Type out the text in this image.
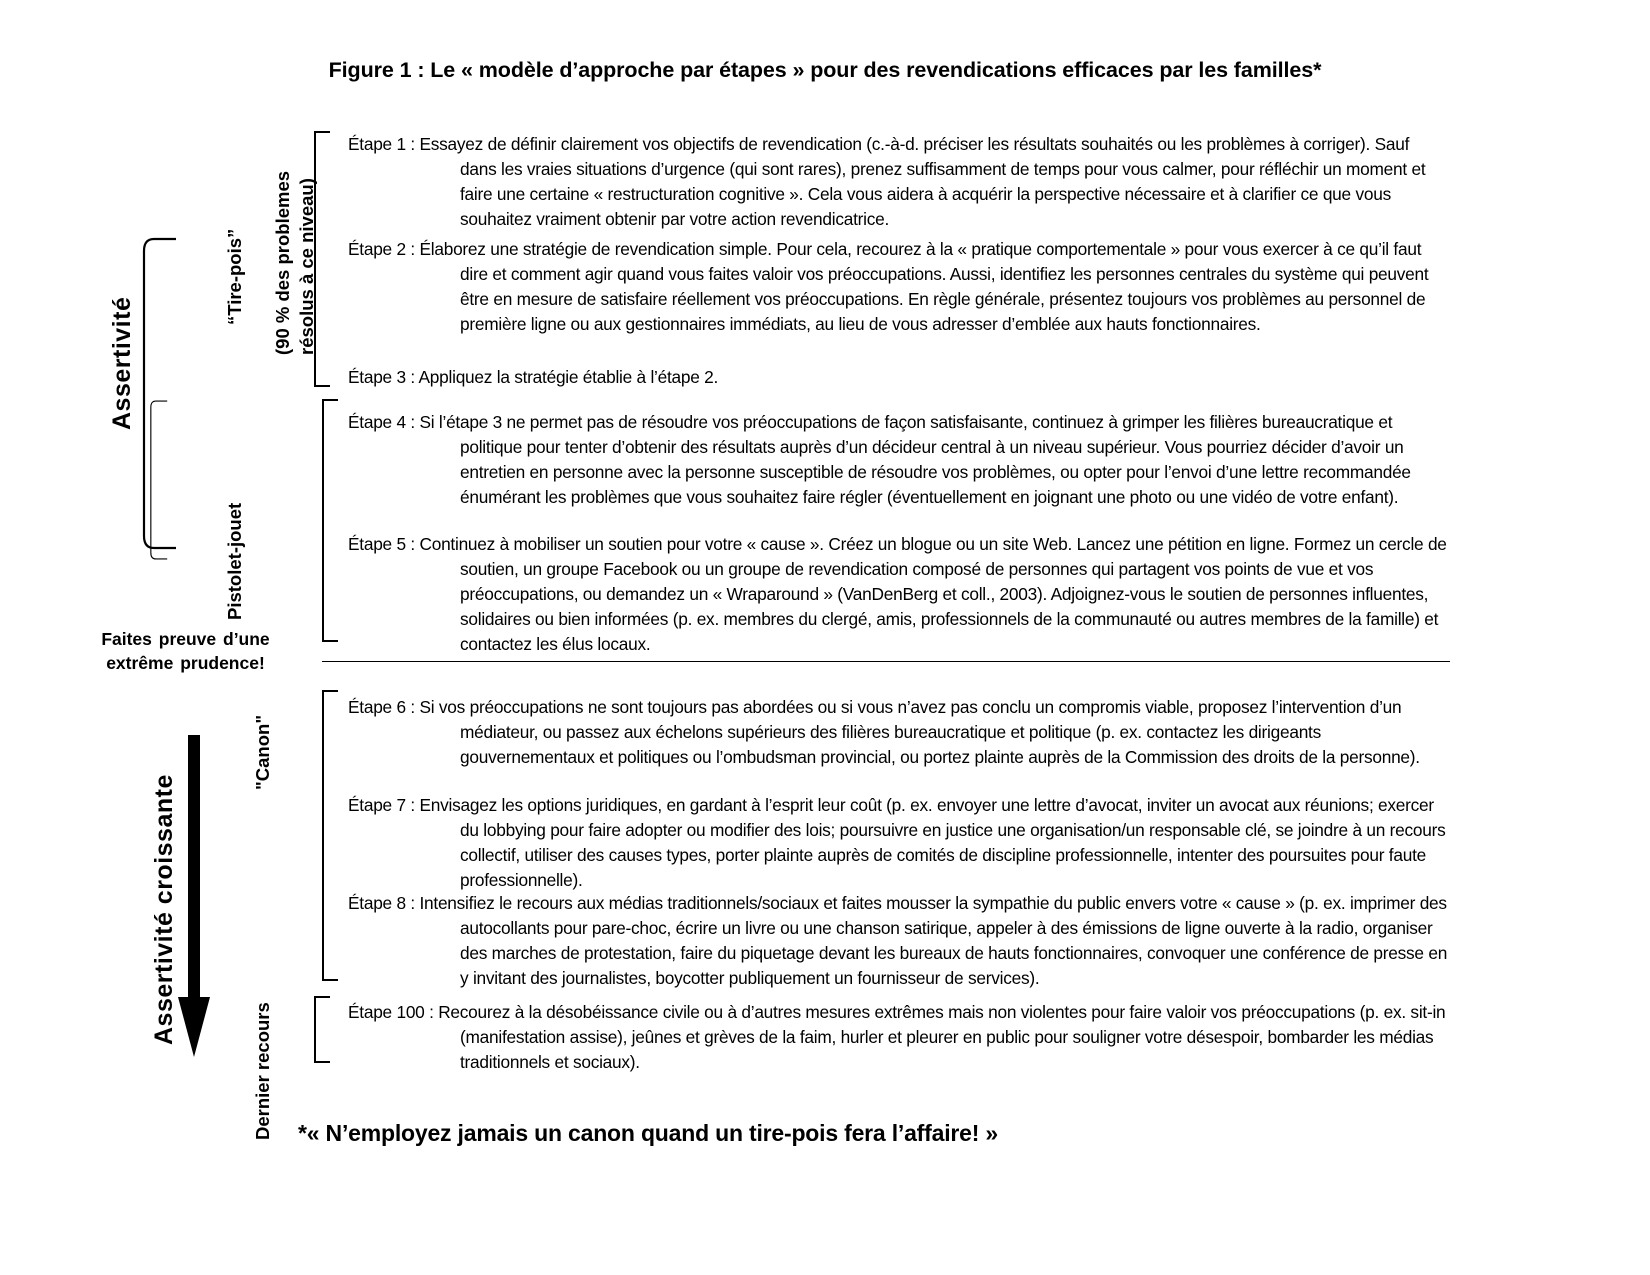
Figure 1 : Le « modèle d’approche par étapes » pour des revendications efficaces par les familles*
Assertivité
Assertivité croissante
“Tire-pois” (90 % des problemes résolus à ce niveau)
Pistolet-jouet
"Canon"
Dernier recours
Faites preuve d’une extrême prudence!
Étape 1 : Essayez de définir clairement vos objectifs de revendication (c.-à-d. préciser les résultats souhaités ou les problèmes à corriger). Sauf dans les vraies situations d’urgence (qui sont rares), prenez suffisamment de temps pour vous calmer, pour réfléchir un moment et faire une certaine « restructuration cognitive ». Cela vous aidera à acquérir la perspective nécessaire et à clarifier ce que vous souhaitez vraiment obtenir par votre action revendicatrice.
Étape 2 : Élaborez une stratégie de revendication simple. Pour cela, recourez à la « pratique comportementale » pour vous exercer à ce qu’il faut dire et comment agir quand vous faites valoir vos préoccupations. Aussi, identifiez les personnes centrales du système qui peuvent être en mesure de satisfaire réellement vos préoccupations. En règle générale, présentez toujours vos problèmes au personnel de première ligne ou aux gestionnaires immédiats, au lieu de vous adresser d’emblée aux hauts fonctionnaires.
Étape 3 : Appliquez la stratégie établie à l’étape 2.
Étape 4 : Si l’étape 3 ne permet pas de résoudre vos préoccupations de façon satisfaisante, continuez à grimper les filières bureaucratique et politique pour tenter d’obtenir des résultats auprès d’un décideur central à un niveau supérieur. Vous pourriez décider d’avoir un entretien en personne avec la personne susceptible de résoudre vos problèmes, ou opter pour l’envoi d’une lettre recommandée énumérant les problèmes que vous souhaitez faire régler (éventuellement en joignant une photo ou une vidéo de votre enfant).
Étape 5 : Continuez à mobiliser un soutien pour votre « cause ». Créez un blogue ou un site Web. Lancez une pétition en ligne. Formez un cercle de soutien, un groupe Facebook ou un groupe de revendication composé de personnes qui partagent vos points de vue et vos préoccupations, ou demandez un « Wraparound » (VanDenBerg et coll., 2003). Adjoignez-vous le soutien de personnes influentes, solidaires ou bien informées (p. ex. membres du clergé, amis, professionnels de la communauté ou autres membres de la famille) et contactez les élus locaux.
Étape 6 : Si vos préoccupations ne sont toujours pas abordées ou si vous n’avez pas conclu un compromis viable, proposez l’intervention d’un médiateur, ou passez aux échelons supérieurs des filières bureaucratique et politique (p. ex. contactez les dirigeants gouvernementaux et politiques ou l’ombudsman provincial, ou portez plainte auprès de la Commission des droits de la personne).
Étape 7 : Envisagez les options juridiques, en gardant à l’esprit leur coût (p. ex. envoyer une lettre d’avocat, inviter un avocat aux réunions; exercer du lobbying pour faire adopter ou modifier des lois; poursuivre en justice une organisation/un responsable clé, se joindre à un recours collectif, utiliser des causes types, porter plainte auprès de comités de discipline professionnelle, intenter des poursuites pour faute professionnelle).
Étape 8 : Intensifiez le recours aux médias traditionnels/sociaux et faites mousser la sympathie du public envers votre « cause » (p. ex. imprimer des autocollants pour pare-choc, écrire un livre ou une chanson satirique, appeler à des émissions de ligne ouverte à la radio, organiser des marches de protestation, faire du piquetage devant les bureaux de hauts fonctionnaires, convoquer une conférence de presse en y invitant des journalistes, boycotter publiquement un fournisseur de services).
Étape 100 : Recourez à la désobéissance civile ou à d’autres mesures extrêmes mais non violentes pour faire valoir vos préoccupations (p. ex. sit-in (manifestation assise), jeûnes et grèves de la faim, hurler et pleurer en public pour souligner votre désespoir, bombarder les médias traditionnels et sociaux).
*« N’employez jamais un canon quand un tire-pois fera l’affaire! »
